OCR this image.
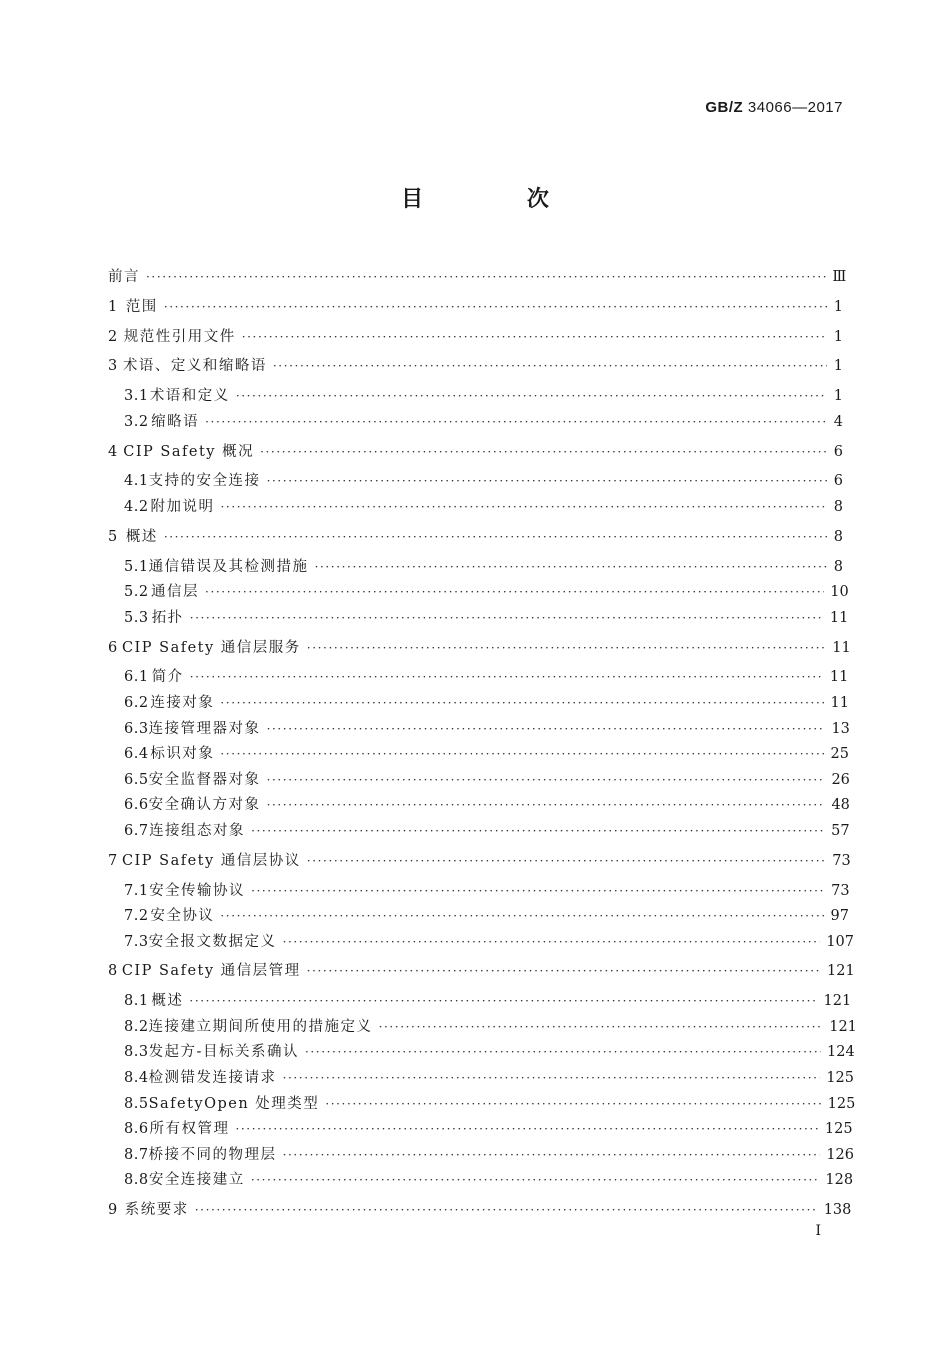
GB/Z 34066—2017
目 次
前言 ·····	Ⅲ
1 范围 ·····	1
2 规范性引用文件 ·····	1
3 术语、定义和缩略语 ·····	1
3.1 术语和定义 ·····	1
3.2 缩略语 ·····	4
4 CIP Safety 概况 ·····	6
4.1 支持的安全连接 ·····	6
4.2 附加说明 ·····	8
5 概述 ·····	8
5.1 通信错误及其检测措施 ·····	8
5.2 通信层 ·····	10
5.3 拓扑 ·····	11
6 CIP Safety 通信层服务 ·····	11
6.1 简介 ·····	11
6.2 连接对象 ·····	11
6.3 连接管理器对象 ·····	13
6.4 标识对象 ·····	25
6.5 安全监督器对象 ·····	26
6.6 安全确认方对象 ·····	48
6.7 连接组态对象 ·····	57
7 CIP Safety 通信层协议 ·····	73
7.1 安全传输协议 ·····	73
7.2 安全协议 ·····	97
7.3 安全报文数据定义 ·····	107
8 CIP Safety 通信层管理 ·····	121
8.1 概述 ·····	121
8.2 连接建立期间所使用的措施定义 ·····	121
8.3 发起方-目标关系确认 ·····	124
8.4 检测错发连接请求 ·····	125
8.5 SafetyOpen 处理类型 ·····	125
8.6 所有权管理 ·····	125
8.7 桥接不同的物理层 ·····	126
8.8 安全连接建立 ·····	128
9 系统要求 ·····	138
I
